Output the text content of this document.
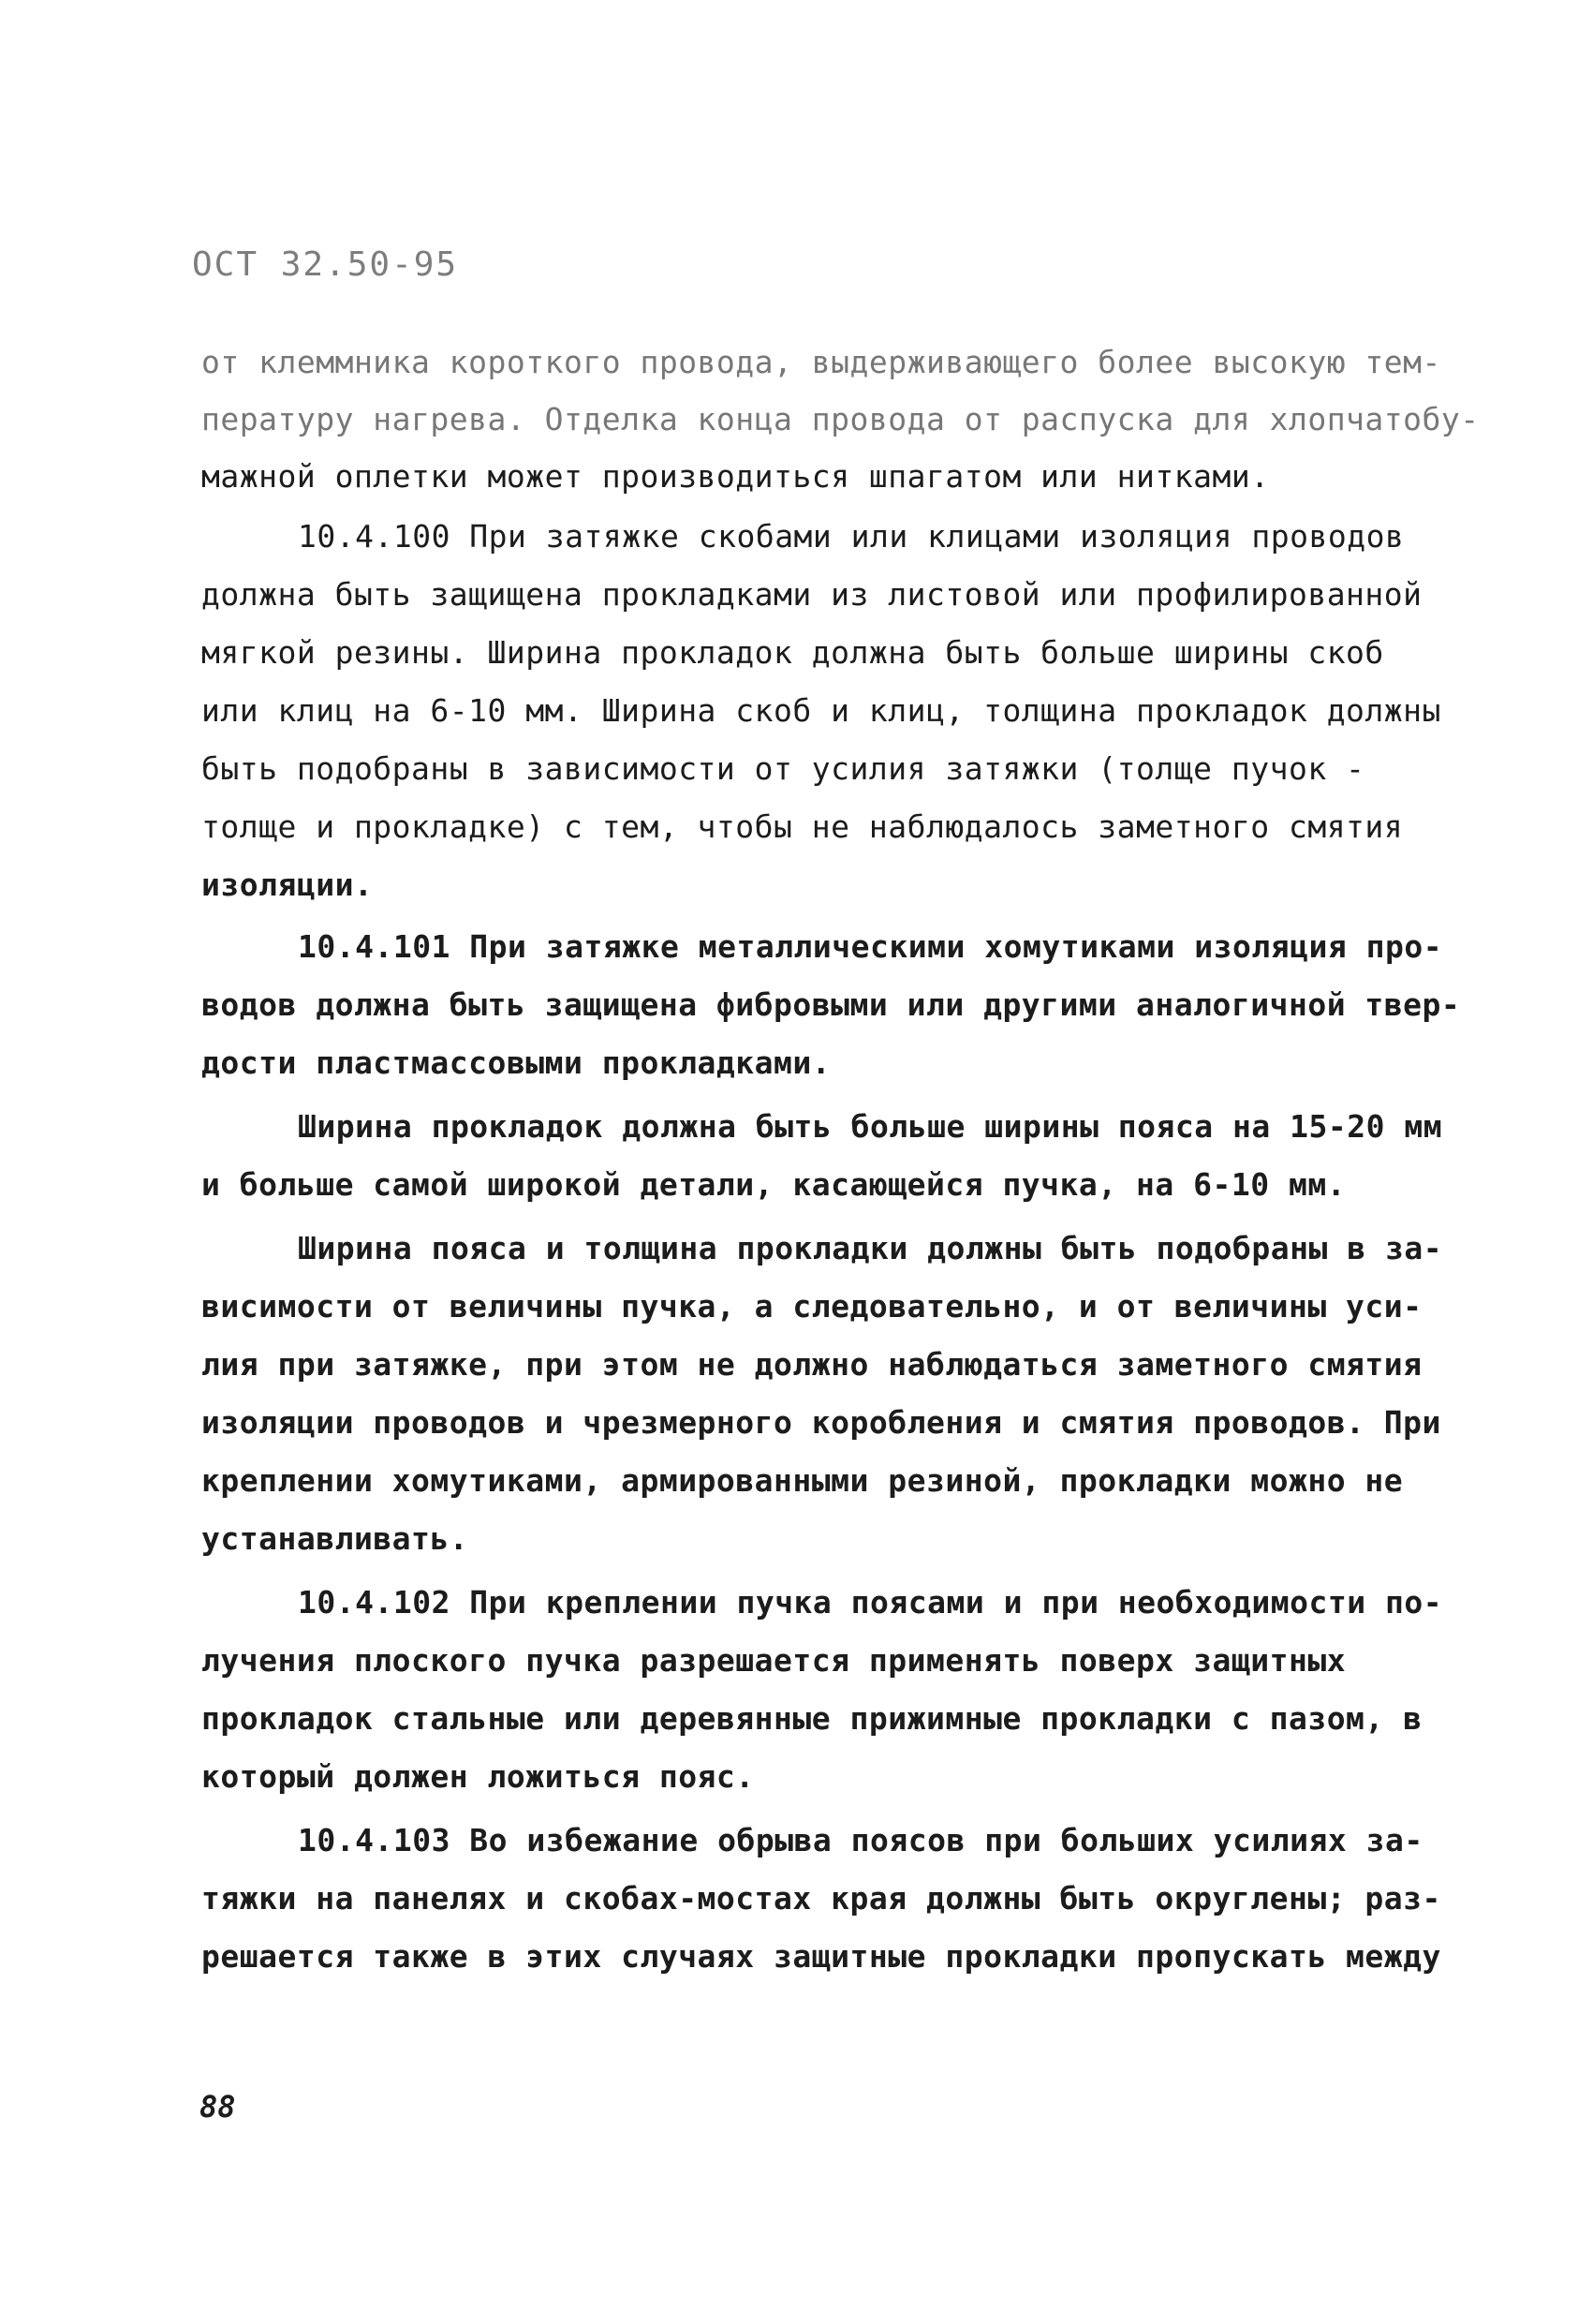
ОСТ 32.50-95
от клеммника короткого провода, выдерживающего более высокую тем-
пературу нагрева. Отделка конца провода от распуска для хлопчатобу-
мажной оплетки может производиться шпагатом или нитками.
10.4.100 При затяжке скобами или клицами изоляция проводов
должна быть защищена прокладками из листовой или профилированной
мягкой резины. Ширина прокладок должна быть больше ширины скоб
или клиц на 6-10 мм. Ширина скоб и клиц, толщина прокладок должны
быть подобраны в зависимости от усилия затяжки (толще пучок -
толще и прокладке) с тем, чтобы не наблюдалось заметного смятия
изоляции.
10.4.101 При затяжке металлическими хомутиками изоляция про-
водов должна быть защищена фибровыми или другими аналогичной твер-
дости пластмассовыми прокладками.
Ширина прокладок должна быть больше ширины пояса на 15-20 мм
и больше самой широкой детали, касающейся пучка, на 6-10 мм.
Ширина пояса и толщина прокладки должны быть подобраны в за-
висимости от величины пучка, а следовательно, и от величины уси-
лия при затяжке, при этом не должно наблюдаться заметного смятия
изоляции проводов и чрезмерного коробления и смятия проводов. При
креплении хомутиками, армированными резиной, прокладки можно не
устанавливать.
10.4.102 При креплении пучка поясами и при необходимости по-
лучения плоского пучка разрешается применять поверх защитных
прокладок стальные или деревянные прижимные прокладки с пазом, в
который должен ложиться пояс.
10.4.103 Во избежание обрыва поясов при больших усилиях за-
тяжки на панелях и скобах-мостах края должны быть округлены; раз-
решается также в этих случаях защитные прокладки пропускать между
88
